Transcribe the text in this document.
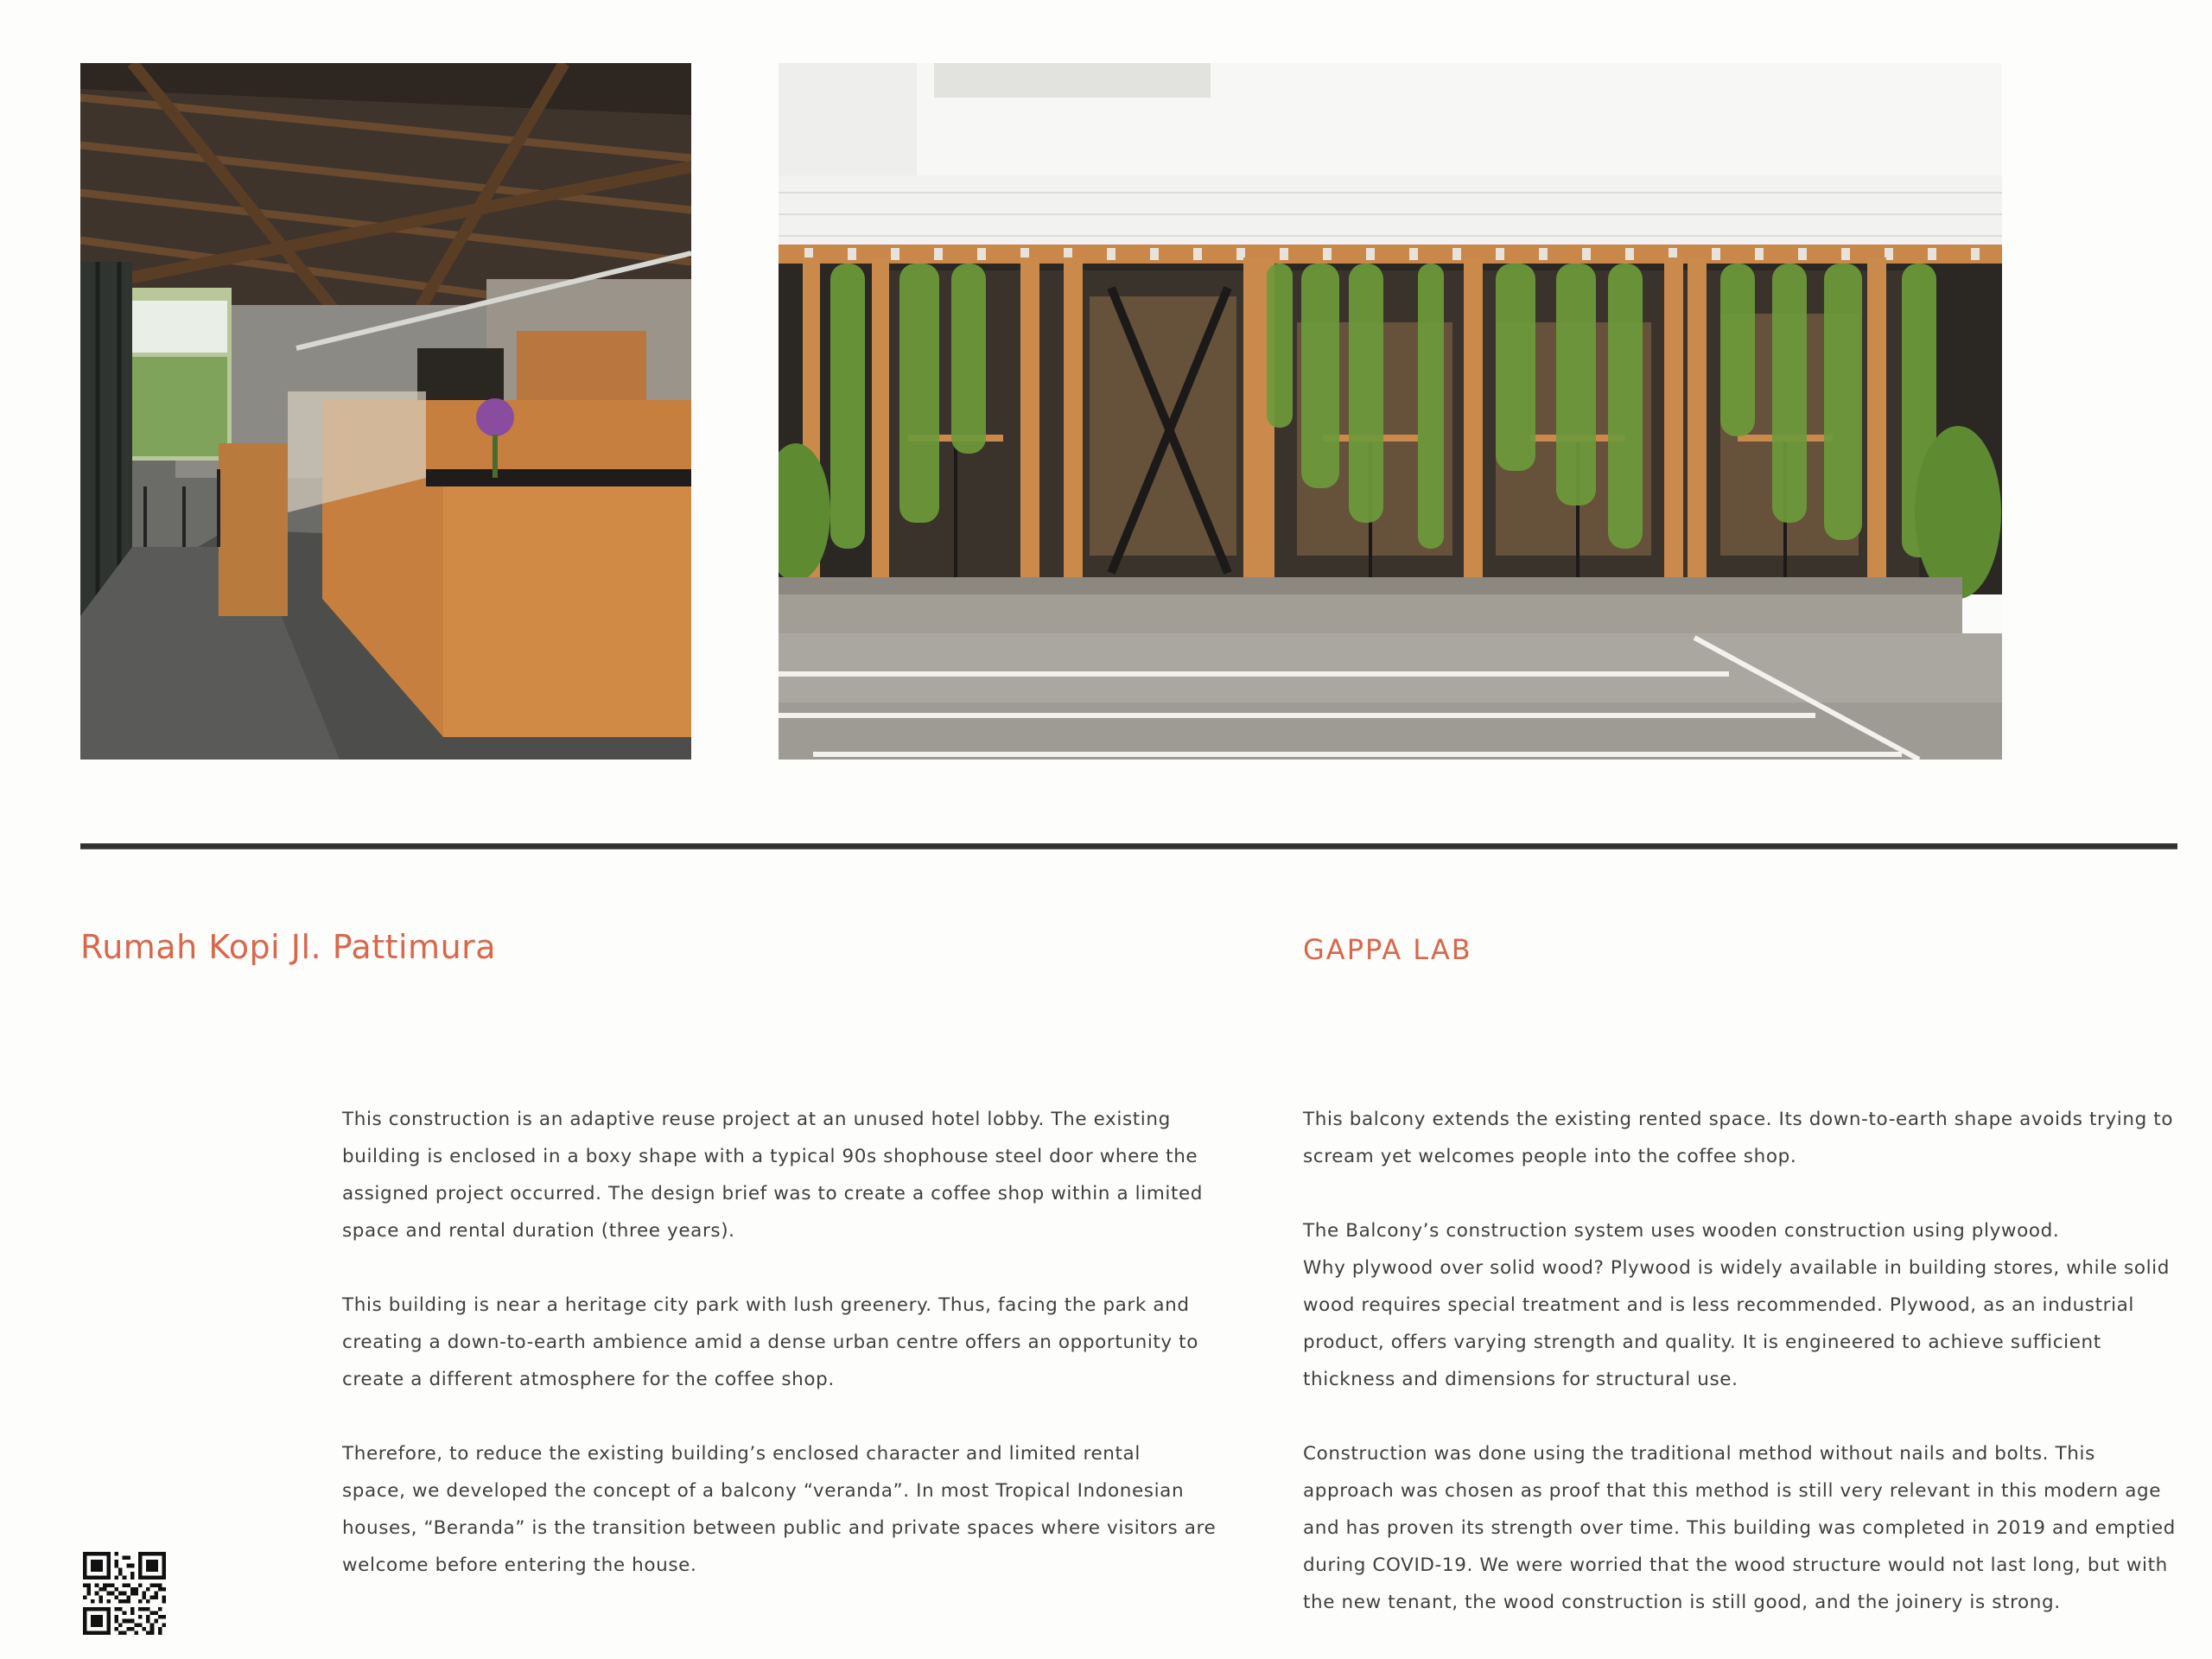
Rumah Kopi Jl. Pattimura	GAPPA LAB

This construction is an adaptive reuse project at an unused hotel lobby. The existing
building is enclosed in a boxy shape with a typical 90s shophouse steel door where the
assigned project occurred. The design brief was to create a coffee shop within a limited
space and rental duration (three years).

This building is near a heritage city park with lush greenery. Thus, facing the park and
creating a down-to-earth ambience amid a dense urban centre offers an opportunity to
create a different atmosphere for the coffee shop.

Therefore, to reduce the existing building’s enclosed character and limited rental
space, we developed the concept of a balcony “veranda”. In most Tropical Indonesian
houses, “Beranda” is the transition between public and private spaces where visitors are
welcome before entering the house.

This balcony extends the existing rented space. Its down-to-earth shape avoids trying to
scream yet welcomes people into the coffee shop.

The Balcony’s construction system uses wooden construction using plywood.
Why plywood over solid wood? Plywood is widely available in building stores, while solid
wood requires special treatment and is less recommended. Plywood, as an industrial
product, offers varying strength and quality. It is engineered to achieve sufficient
thickness and dimensions for structural use.

Construction was done using the traditional method without nails and bolts. This
approach was chosen as proof that this method is still very relevant in this modern age
and has proven its strength over time. This building was completed in 2019 and emptied
during COVID-19. We were worried that the wood structure would not last long, but with
the new tenant, the wood construction is still good, and the joinery is strong.
